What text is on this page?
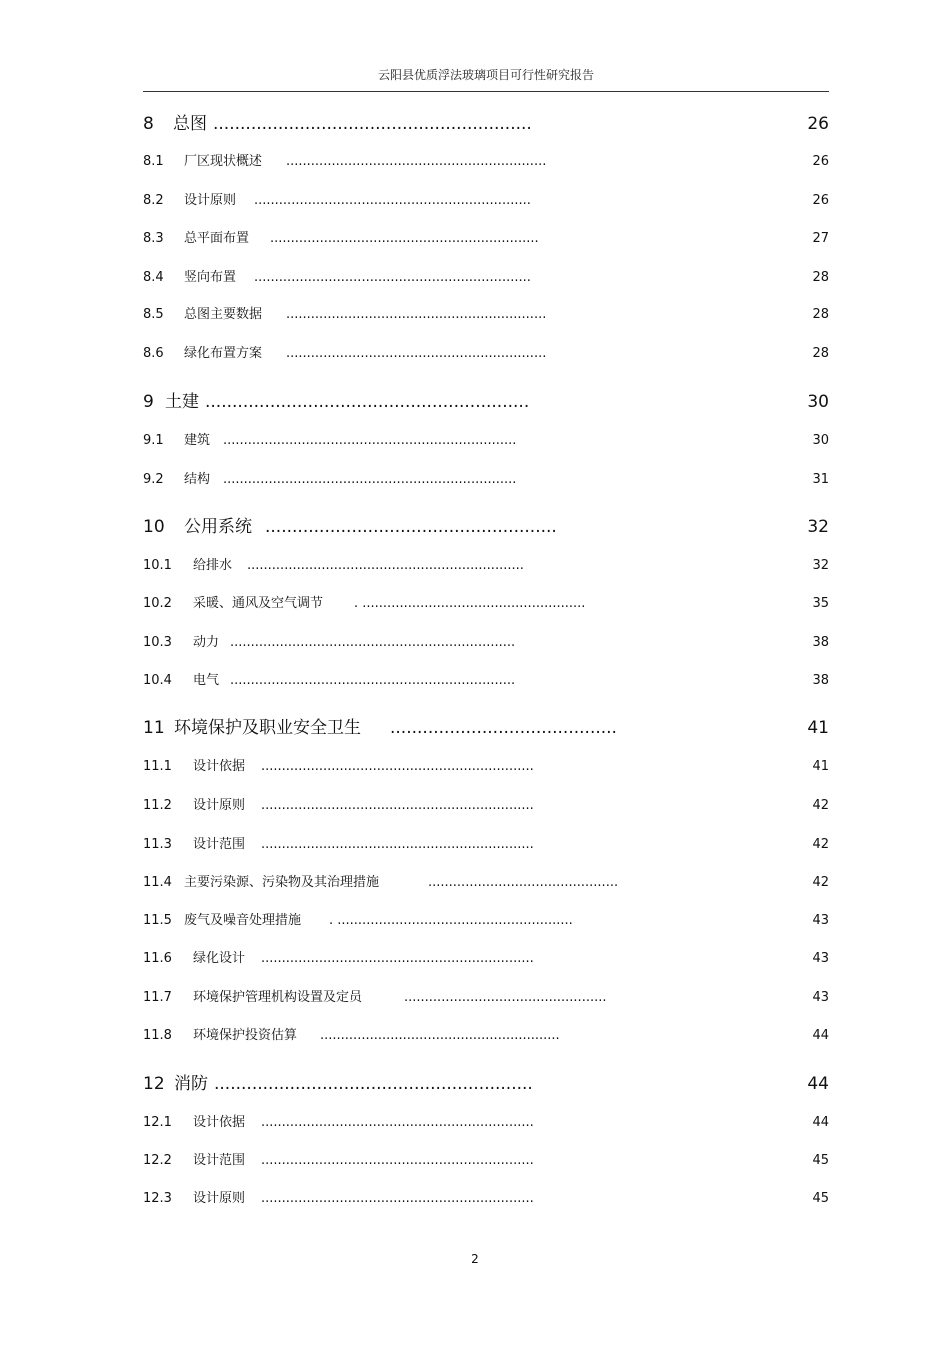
云阳县优质浮法玻璃项目可行性研究报告
8 总图 ...........................................................	26
8.1 厂区现状概述 ...............................................................	26
8.2 设计原则 ...................................................................	26
8.3 总平面布置 .................................................................	27
8.4 竖向布置 ...................................................................	28
8.5 总图主要数据 ...............................................................	28
8.6 绿化布置方案 ...............................................................	28
9 土建 ............................................................	30
9.1 建筑 .......................................................................	30
9.2 结构 .......................................................................	31
10 公用系统 ......................................................	32
10.1 给排水 ...................................................................	32
10.2 采暖、通风及空气调节 . ......................................................	35
10.3 动力 .....................................................................	38
10.4 电气 .....................................................................	38
11 环境保护及职业安全卫生 ..........................................	41
11.1 设计依据 ..................................................................	41
11.2 设计原则 ..................................................................	42
11.3 设计范围 ..................................................................	42
11.4 主要污染源、污染物及其治理措施	..............................................	42
11.5 废气及噪音处理措施 . .........................................................	43
11.6 绿化设计 ..................................................................	43
11.7 环境保护管理机构设置及定员	.................................................	43
11.8 环境保护投资估算 ..........................................................	44
12 消防 ...........................................................	44
12.1 设计依据 ..................................................................	44
12.2 设计范围 ..................................................................	45
12.3 设计原则 ..................................................................	45
2
